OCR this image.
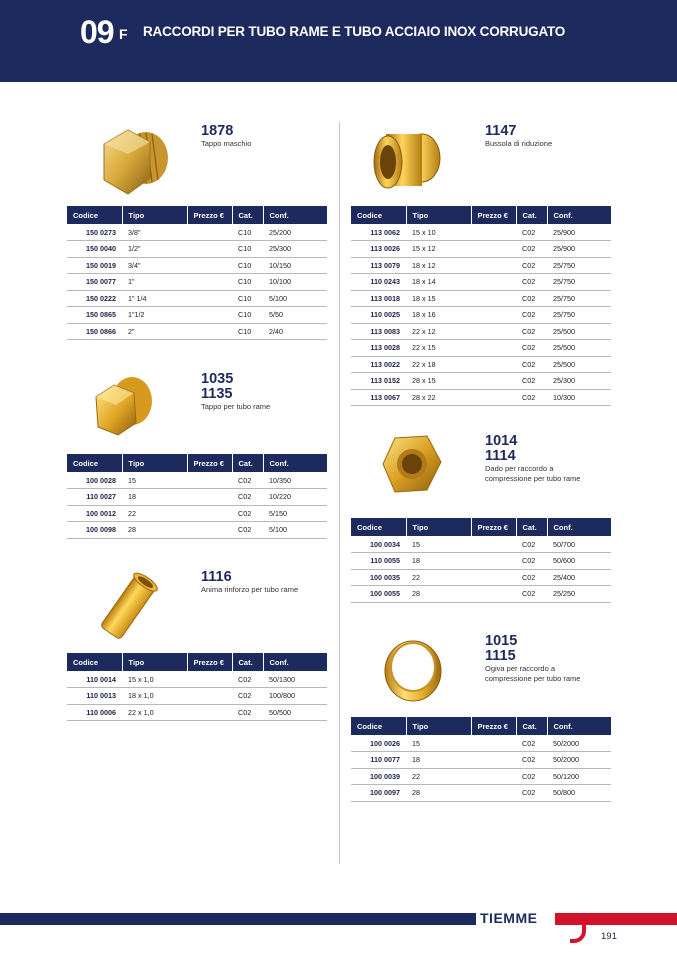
09 F RACCORDI PER TUBO RAME E TUBO ACCIAIO INOX CORRUGATO
1878
Tappo maschio
Codice	Tipo	Prezzo €	Cat.	Conf.
150 0273	3/8"		C10	25/200
150 0040	1/2"		C10	25/300
150 0019	3/4"		C10	10/150
150 0077	1"		C10	10/100
150 0222	1" 1/4		C10	5/100
150 0865	1"1/2		C10	5/50
150 0866	2"		C10	2/40
1035
1135
Tappo per tubo rame
Codice	Tipo	Prezzo €	Cat.	Conf.
100 0028	15		C02	10/350
110 0027	18		C02	10/220
100 0012	22		C02	5/150
100 0098	28		C02	5/100
1116
Anima rinforzo per tubo rame
Codice	Tipo	Prezzo €	Cat.	Conf.
110 0014	15 x 1,0		C02	50/1300
110 0013	18 x 1,0		C02	100/800
110 0006	22 x 1,0		C02	50/500
1147
Bussola di riduzione
Codice	Tipo	Prezzo €	Cat.	Conf.
113 0062	15 x 10		C02	25/900
113 0026	15 x 12		C02	25/900
113 0079	18 x 12		C02	25/750
110 0243	18 x 14		C02	25/750
113 0018	18 x 15		C02	25/750
110 0025	18 x 16		C02	25/750
113 0083	22 x 12		C02	25/500
113 0028	22 x 15		C02	25/500
113 0022	22 x 18		C02	25/500
113 0152	28 x 15		C02	25/300
113 0067	28 x 22		C02	10/300
1014
1114
Dado per raccordo a
compressione per tubo rame
Codice	Tipo	Prezzo €	Cat.	Conf.
100 0034	15		C02	50/700
110 0055	18		C02	50/600
100 0035	22		C02	25/400
100 0055	28		C02	25/250
1015
1115
Ogiva per raccordo a
compressione per tubo rame
Codice	Tipo	Prezzo €	Cat.	Conf.
100 0026	15		C02	50/2000
110 0077	18		C02	50/2000
100 0039	22		C02	50/1200
100 0097	28		C02	50/800
TIEMME
191
